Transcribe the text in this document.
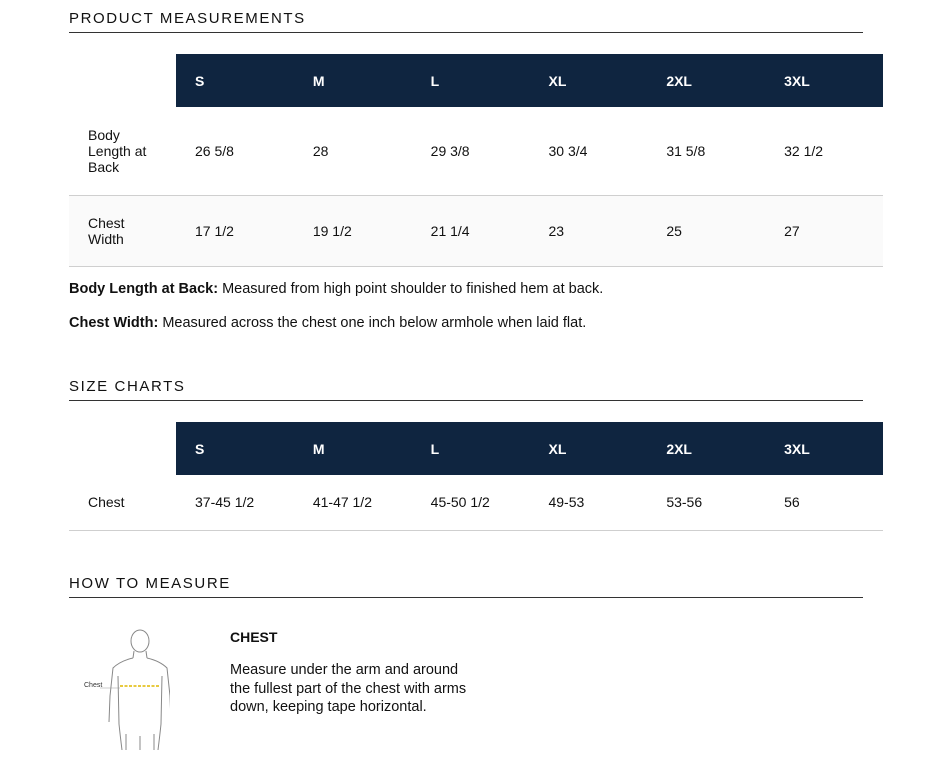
PRODUCT MEASUREMENTS
	S	M	L	XL	2XL	3XL

Body Length at Back	26 5/8	28	29 3/8	30 3/4	31 5/8	32 1/2

Chest Width	17 1/2	19 1/2	21 1/4	23	25	27
Body Length at Back: Measured from high point shoulder to finished hem at back.
Chest Width: Measured across the chest one inch below armhole when laid flat.
SIZE CHARTS
	S	M	L	XL	2XL	3XL
Chest	37-45 1/2	41-47 1/2	45-50 1/2	49-53	53-56	56
HOW TO MEASURE
Chest
CHEST
Measure under the arm and around the fullest part of the chest with arms down, keeping tape horizontal.
